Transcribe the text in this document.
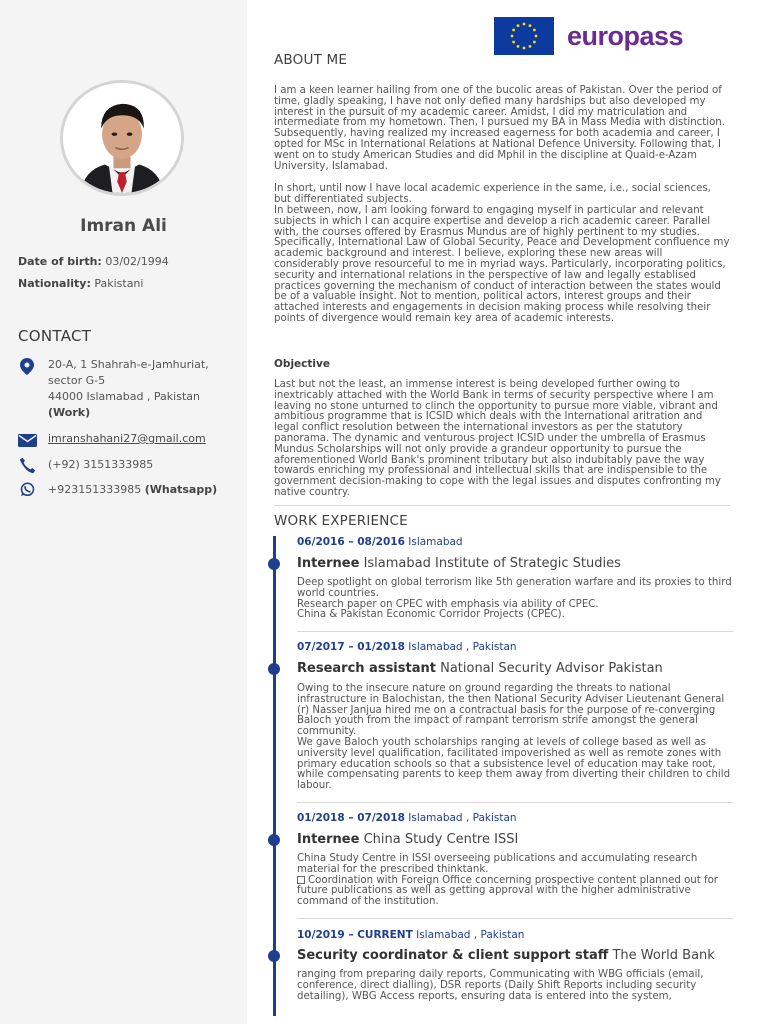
Imran Ali
Date of birth: 03/02/1994
Nationality: Pakistani
CONTACT
20-A, 1 Shahrah-e-Jamhuriat,
sector G-5
44000 Islamabad , Pakistan
(Work)
imranshahani27@gmail.com
(+92) 3151333985
+923151333985 (Whatsapp)
europass
ABOUT ME
I am a keen learner hailing from one of the bucolic areas of Pakistan. Over the period of time, gladly speaking, I have not only defied many hardships but also developed my interest in the pursuit of my academic career. Amidst, I did my matriculation and intermediate from my hometown. Then, I pursued my BA in Mass Media with distinction. Subsequently, having realized my increased eagerness for both academia and career, I opted for MSc in International Relations at National Defence University. Following that, I went on to study American Studies and did Mphil in the discipline at Quaid-e-Azam University, Islamabad.
In short, until now I have local academic experience in the same, i.e., social sciences, but differentiated subjects.
In between, now, I am looking forward to engaging myself in particular and relevant subjects in which I can acquire expertise and develop a rich academic career. Parallel with, the courses offered by Erasmus Mundus are of highly pertinent to my studies. Specifically, International Law of Global Security, Peace and Development confluence my academic background and interest. I believe, exploring these new areas will considerably prove resourceful to me in myriad ways. Particularly, incorporating politics, security and international relations in the perspective of law and legally establised practices governing the mechanism of conduct of interaction between the states would be of a valuable insight. Not to mention, political actors, interest groups and their attached interests and engagements in decision making process while resolving their points of divergence would remain key area of academic interests.
Objective
Last but not the least, an immense interest is being developed further owing to inextricably attached with the World Bank in terms of security perspective where I am leaving no stone unturned to clinch the opportunity to pursue more viable, vibrant and ambitious programme that is ICSID which deals with the International aritration and legal conflict resolution between the international investors as per the statutory panorama. The dynamic and venturous project ICSID under the umbrella of Erasmus Mundus Scholarships will not only provide a grandeur opportunity to pursue the aforementioned World Bank's prominent tributary but also indubitably pave the way towards enriching my professional and intellectual skills that are indispensible to the government decision-making to cope with the legal issues and disputes confronting my native country.
WORK EXPERIENCE
06/2016 – 08/2016 Islamabad
Internee Islamabad Institute of Strategic Studies
Deep spotlight on global terrorism like 5th generation warfare and its proxies to third world countries.
Research paper on CPEC with emphasis via ability of CPEC.
China & Pakistan Economic Corridor Projects (CPEC).
07/2017 – 01/2018 Islamabad , Pakistan
Research assistant National Security Advisor Pakistan
Owing to the insecure nature on ground regarding the threats to national infrastructure in Balochistan, the then National Security Adviser Lieutenant General (r) Nasser Janjua hired me on a contractual basis for the purpose of re-converging Baloch youth from the impact of rampant terrorism strife amongst the general community.
We gave Baloch youth scholarships ranging at levels of college based as well as university level qualification, facilitated impoverished as well as remote zones with primary education schools so that a subsistence level of education may take root, while compensating parents to keep them away from diverting their children to child labour.
01/2018 – 07/2018 Islamabad , Pakistan
Internee China Study Centre ISSI
China Study Centre in ISSI overseeing publications and accumulating research material for the prescribed thinktank.
Coordination with Foreign Office concerning prospective content planned out for future publications as well as getting approval with the higher administrative command of the institution.
10/2019 – CURRENT Islamabad , Pakistan
Security coordinator & client support staff The World Bank
ranging from preparing daily reports, Communicating with WBG officials (email, conference, direct dialling), DSR reports (Daily Shift Reports including security detailing), WBG Access reports, ensuring data is entered into the system,
